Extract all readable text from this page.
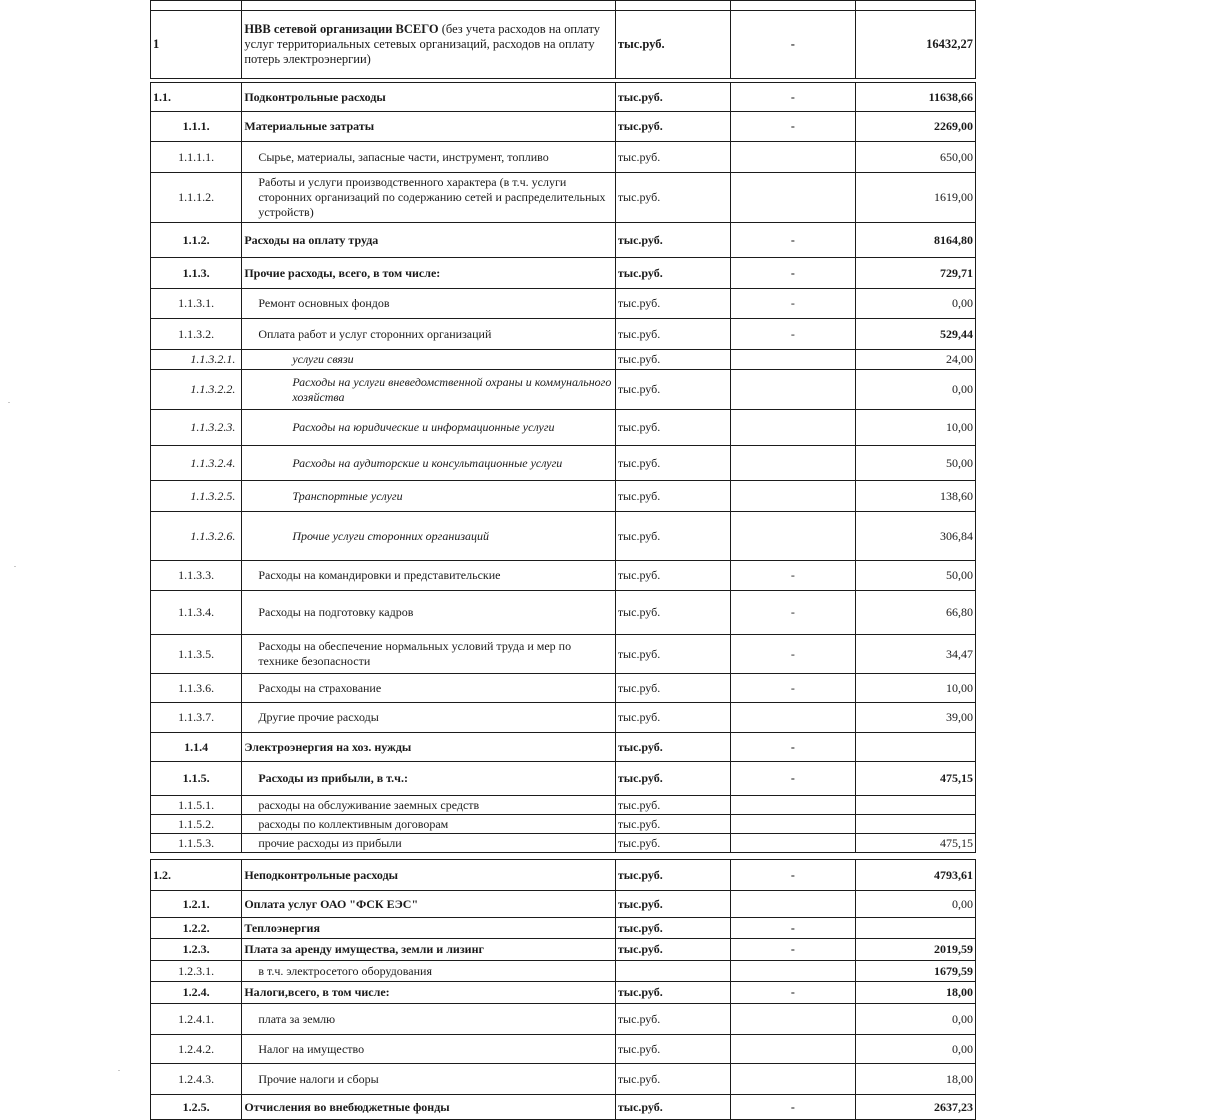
1	НВВ сетевой организации ВСЕГО (без учета расходов на оплату услуг территориальных сетевых организаций, расходов на оплату потерь электроэнергии)	тыс.руб.	-	16432,27

1.1.	Подконтрольные расходы	тыс.руб.	-	11638,66
1.1.1.	Материальные затраты	тыс.руб.	-	2269,00
1.1.1.1.	Сырье, материалы, запасные части, инструмент, топливо	тыс.руб.		650,00
1.1.1.2.	Работы и услуги производственного характера (в т.ч. услуги сторонних организаций по содержанию сетей и распределительных устройств)	тыс.руб.		1619,00
1.1.2.	Расходы на оплату труда	тыс.руб.	-	8164,80
1.1.3.	Прочие расходы, всего, в том числе:	тыс.руб.	-	729,71
1.1.3.1.	Ремонт основных фондов	тыс.руб.	-	0,00
1.1.3.2.	Оплата работ и услуг сторонних организаций	тыс.руб.	-	529,44
1.1.3.2.1.	услуги связи	тыс.руб.		24,00
1.1.3.2.2.	Расходы на услуги вневедомственной охраны и коммунального хозяйства	тыс.руб.		0,00
1.1.3.2.3.	Расходы на юридические и информационные услуги	тыс.руб.		10,00
1.1.3.2.4.	Расходы на аудиторские и консультационные услуги	тыс.руб.		50,00
1.1.3.2.5.	Транспортные услуги	тыс.руб.		138,60
1.1.3.2.6.	Прочие услуги сторонних организаций	тыс.руб.		306,84
1.1.3.3.	Расходы на командировки и представительские	тыс.руб.	-	50,00
1.1.3.4.	Расходы на подготовку кадров	тыс.руб.	-	66,80
1.1.3.5.	Расходы на обеспечение нормальных условий труда и мер по технике безопасности	тыс.руб.	-	34,47
1.1.3.6.	Расходы на страхование	тыс.руб.	-	10,00
1.1.3.7.	Другие прочие расходы	тыс.руб.		39,00
1.1.4	Электроэнергия на хоз. нужды	тыс.руб.	-	
1.1.5.	Расходы из прибыли, в т.ч.:	тыс.руб.	-	475,15
1.1.5.1.	расходы на обслуживание заемных средств	тыс.руб.		
1.1.5.2.	расходы по коллективным договорам	тыс.руб.		
1.1.5.3.	прочие расходы из прибыли	тыс.руб.		475,15

1.2.	Неподконтрольные расходы	тыс.руб.	-	4793,61
1.2.1.	Оплата услуг ОАО "ФСК ЕЭС"	тыс.руб.		0,00
1.2.2.	Теплоэнергия	тыс.руб.	-	
1.2.3.	Плата за аренду имущества, земли и лизинг	тыс.руб.	-	2019,59
1.2.3.1.	в т.ч. электросетого оборудования			1679,59
1.2.4.	Налоги,всего, в том числе:	тыс.руб.	-	18,00
1.2.4.1.	плата за землю	тыс.руб.		0,00
1.2.4.2.	Налог на имущество	тыс.руб.		0,00
1.2.4.3.	Прочие налоги и сборы	тыс.руб.		18,00
1.2.5.	Отчисления во внебюджетные фонды	тыс.руб.	-	2637,23
